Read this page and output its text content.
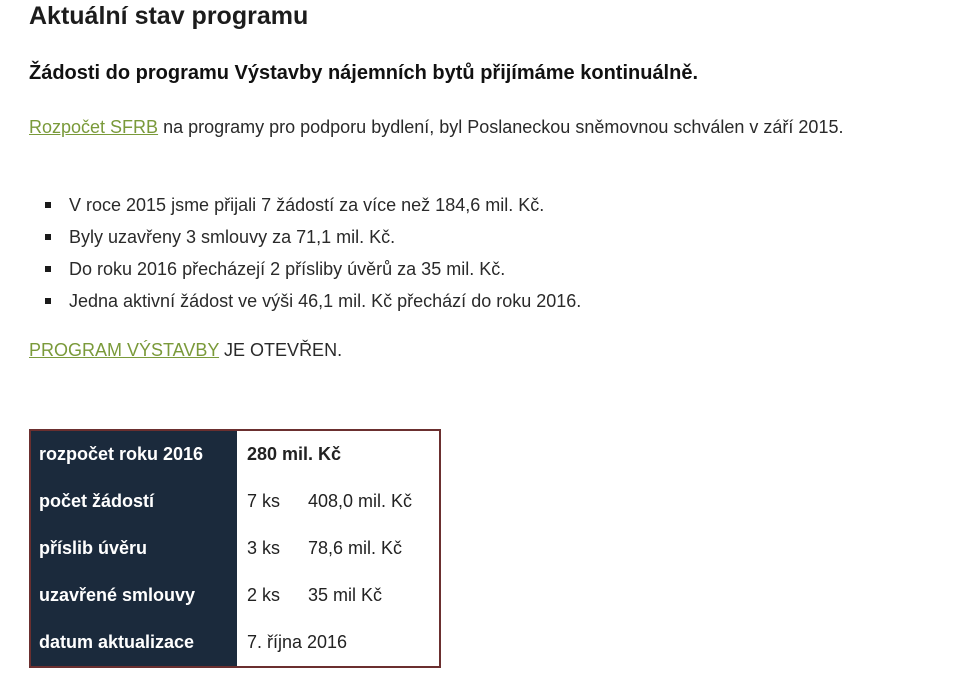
Aktuální stav programu
Žádosti do programu Výstavby nájemních bytů přijímáme kontinuálně.

Rozpočet SFRB na programy pro podporu bydlení, byl Poslaneckou sněmovnou schválen v září 2015.

V roce 2015 jsme přijali 7 žádostí za více než 184,6 mil. Kč.
Byly uzavřeny 3 smlouvy za 71,1 mil. Kč.
Do roku 2016 přecházejí 2 přísliby úvěrů za 35 mil. Kč.
Jedna aktivní žádost ve výši 46,1 mil. Kč přechází do roku 2016.

PROGRAM VÝSTAVBY JE OTEVŘEN.

rozpočet roku 2016	280 mil. Kč	
počet žádostí	7 ks	408,0 mil. Kč
příslib úvěru	3 ks	78,6 mil. Kč
uzavřené smlouvy	2 ks	35 mil Kč
datum aktualizace	7. října 2016	
